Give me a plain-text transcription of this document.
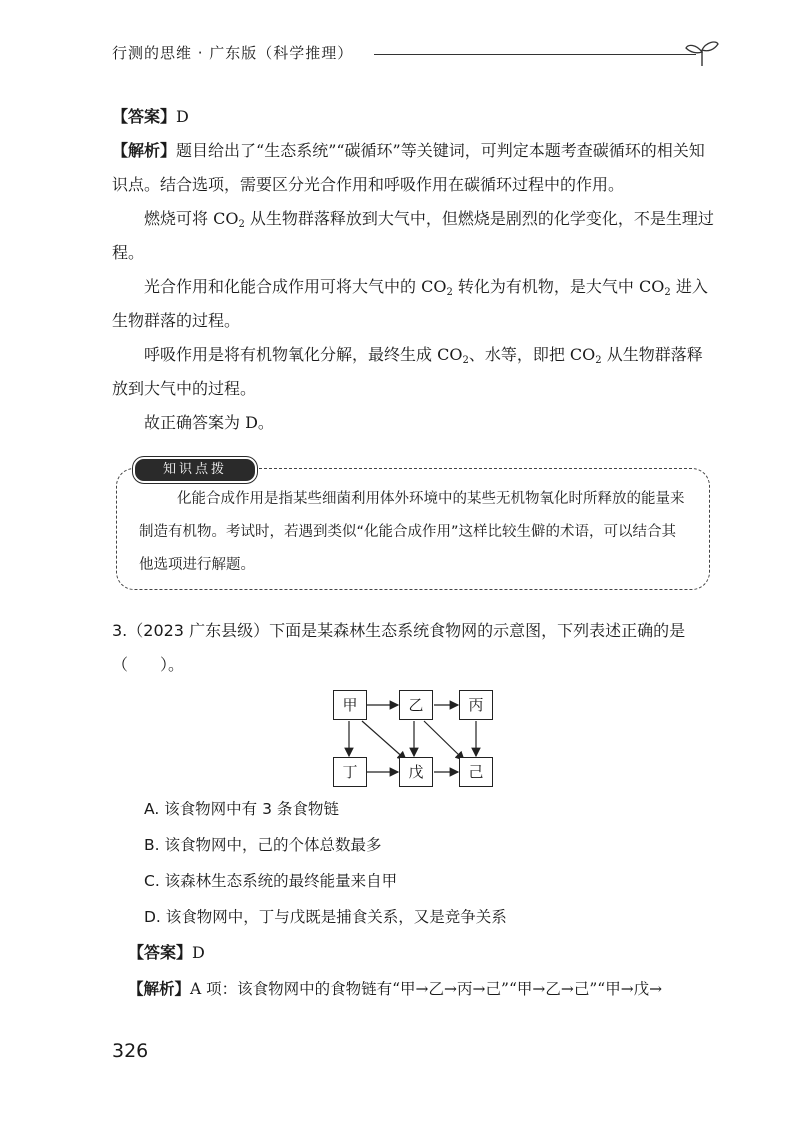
行测的思维 · 广东版（科学推理）
【答案】D
【解析】题目给出了“生态系统”“碳循环”等关键词，可判定本题考查碳循环的相关知识点。结合选项，需要区分光合作用和呼吸作用在碳循环过程中的作用。
燃烧可将 $CO_2$ 从生物群落释放到大气中，但燃烧是剧烈的化学变化，不是生理过程。
光合作用和化能合成作用可将大气中的 $CO_2$ 转化为有机物，是大气中 $CO_2$ 进入生物群落的过程。
呼吸作用是将有机物氧化分解，最终生成 $CO_2$、水等，即把 $CO_2$ 从生物群落释放到大气中的过程。
故正确答案为 D。
知识点拨
化能合成作用是指某些细菌利用体外环境中的某些无机物氧化时所释放的能量来制造有机物。考试时，若遇到类似“化能合成作用”这样比较生僻的术语，可以结合其他选项进行解题。
3.（2023 广东县级）下面是某森林生态系统食物网的示意图，下列表述正确的是（　　）。
甲	乙	丙
丁	戊	己
A. 该食物网中有 3 条食物链
B. 该食物网中，己的个体总数最多
C. 该森林生态系统的最终能量来自甲
D. 该食物网中，丁与戊既是捕食关系，又是竞争关系
【答案】D
【解析】A 项：该食物网中的食物链有“甲→乙→丙→己”“甲→乙→己”“甲→戊→
326
